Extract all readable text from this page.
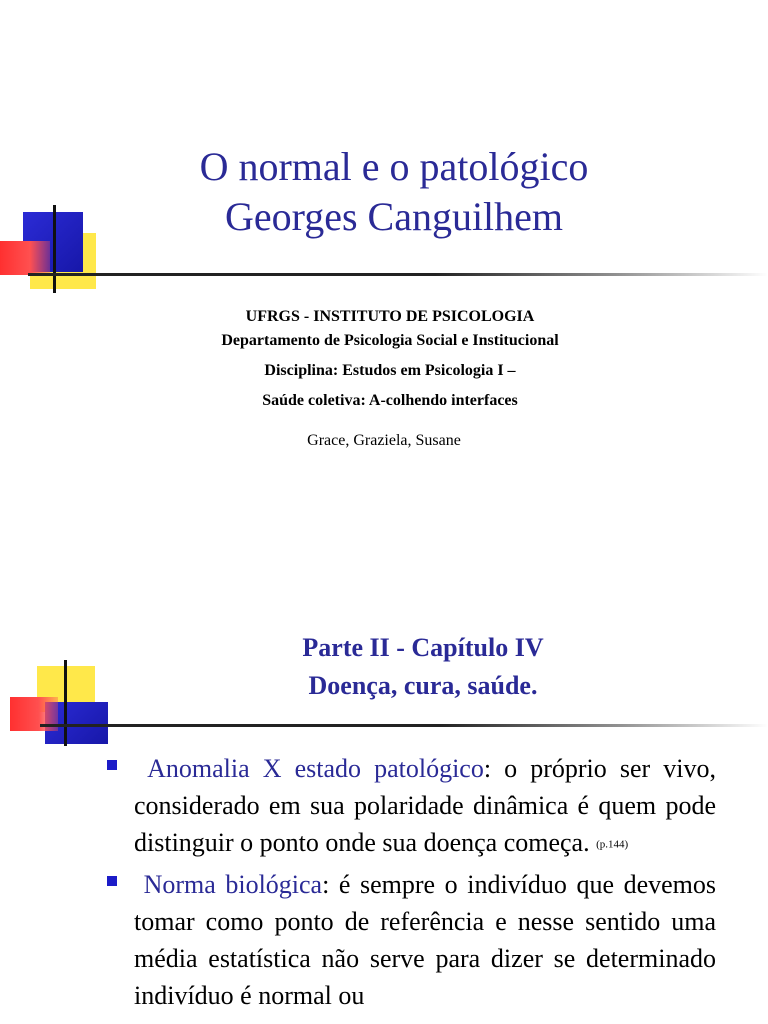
O normal e o patológico
Georges Canguilhem
UFRGS - INSTITUTO DE PSICOLOGIA
Departamento de Psicologia Social e Institucional
Disciplina: Estudos em Psicologia I –
Saúde coletiva: A-colhendo interfaces
Grace, Graziela, Susane
Parte II - Capítulo IV
Doença, cura, saúde.
Anomalia X estado patológico: o próprio ser vivo, considerado em sua polaridade dinâmica é quem pode distinguir o ponto onde sua doença começa. (p.144)
Norma biológica: é sempre o indivíduo que devemos tomar como ponto de referência e nesse sentido uma média estatística não serve para dizer se determinado indivíduo é normal ou
